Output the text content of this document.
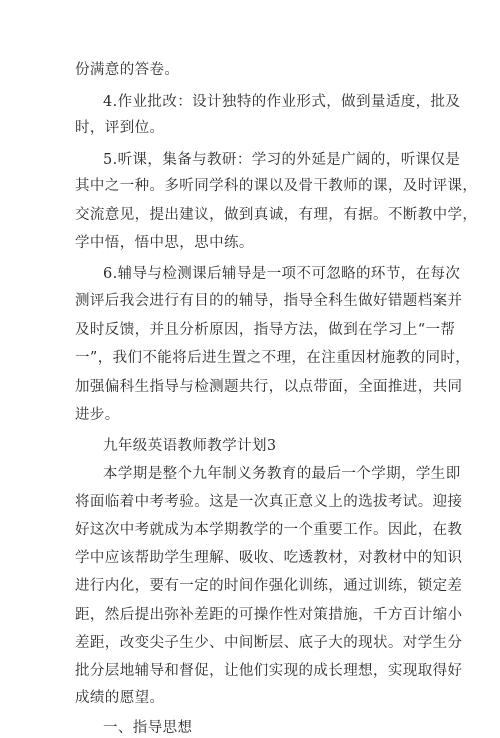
份满意的答卷。
4.作业批改：设计独特的作业形式，做到量适度，批及
时，评到位。
5.听课，集备与教研：学习的外延是广阔的，听课仅是
其中之一种。多听同学科的课以及骨干教师的课，及时评课，
交流意见，提出建议，做到真诚，有理，有据。不断教中学，
学中悟，悟中思，思中练。
6.辅导与检测课后辅导是一项不可忽略的环节，在每次
测评后我会进行有目的的辅导，指导全科生做好错题档案并
及时反馈，并且分析原因，指导方法，做到在学习上“一帮
一”，我们不能将后进生置之不理，在注重因材施教的同时，
加强偏科生指导与检测题共行，以点带面，全面推进，共同
进步。
九年级英语教师教学计划3
本学期是整个九年制义务教育的最后一个学期，学生即
将面临着中考考验。这是一次真正意义上的选拔考试。迎接
好这次中考就成为本学期教学的一个重要工作。因此，在教
学中应该帮助学生理解、吸收、吃透教材，对教材中的知识
进行内化，要有一定的时间作强化训练，通过训练，锁定差
距，然后提出弥补差距的可操作性对策措施，千方百计缩小
差距，改变尖子生少、中间断层、底子大的现状。对学生分
批分层地辅导和督促，让他们实现的成长理想，实现取得好
成绩的愿望。
一、指导思想
